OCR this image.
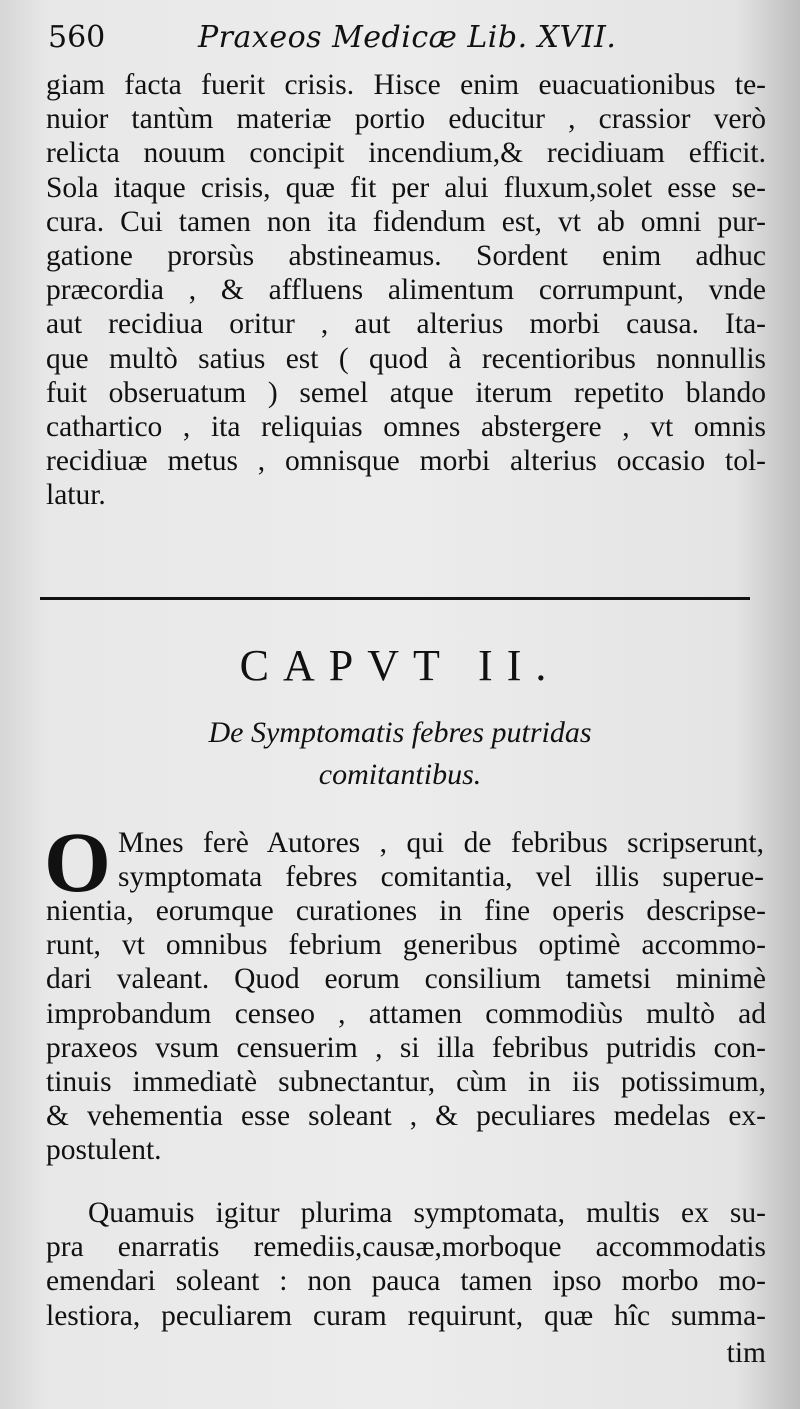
560	Praxeos Medicæ Lib. XVII.
giam facta fuerit crisis. Hisce enim euacuationibus te-
nuior tantùm materiæ portio educitur , crassior verò
relicta nouum concipit incendium,& recidiuam efficit.
Sola itaque crisis, quæ fit per alui fluxum,solet esse se-
cura. Cui tamen non ita fidendum est, vt ab omni pur-
gatione prorsùs abstineamus. Sordent enim adhuc
præcordia , & affluens alimentum corrumpunt, vnde
aut recidiua oritur , aut alterius morbi causa. Ita-
que multò satius est ( quod à recentioribus nonnullis
fuit obseruatum ) semel atque iterum repetito blando
cathartico , ita reliquias omnes abstergere , vt omnis
recidiuæ metus , omnisque morbi alterius occasio tol-
latur.
CAPVT II.
De Symptomatis febres putridas
comitantibus.
O Mnes ferè Autores , qui de febribus scripserunt,
symptomata febres comitantia, vel illis superue-
nientia, eorumque curationes in fine operis descripse-
runt, vt omnibus febrium generibus optimè accommo-
dari valeant. Quod eorum consilium tametsi minimè
improbandum censeo , attamen commodiùs multò ad
praxeos vsum censuerim , si illa febribus putridis con-
tinuis immediatè subnectantur, cùm in iis potissimum,
& vehementia esse soleant , & peculiares medelas ex-
postulent.
Quamuis igitur plurima symptomata, multis ex su-
pra enarratis remediis,causæ,morboque accommodatis
emendari soleant : non pauca tamen ipso morbo mo-
lestiora, peculiarem curam requirunt, quæ hîc summa-
tim
